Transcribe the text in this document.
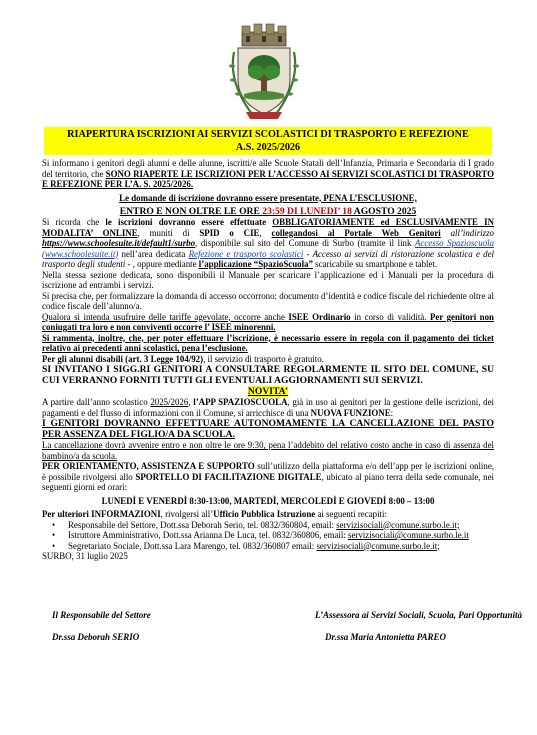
RIAPERTURA ISCRIZIONI AI SERVIZI SCOLASTICI DI TRASPORTO E REFEZIONE
A.S. 2025/2026

Si informano i genitori degli alunni e delle alunne, iscritti/e alle Scuole Statali dell’Infanzia, Primaria e Secondaria di I grado del territorio, che SONO RIAPERTE LE ISCRIZIONI PER L’ACCESSO AI SERVIZI SCOLASTICI DI TRASPORTO E REFEZIONE PER L’A. S. 2025/2026.

Le domande di iscrizione dovranno essere presentate, PENA L’ESCLUSIONE,

ENTRO E NON OLTRE LE ORE 23:59 DI LUNEDI’ 18 AGOSTO 2025

Si ricorda che le iscrizioni dovranno essere effettuate OBBLIGATORIAMENTE ed ESCLUSIVAMENTE IN MODALITA’ ONLINE, muniti di SPID o CIE, collegandosi al Portale Web Genitori all’indirizzo https://www.schoolesuite.it/default1/surbo, disponibile sul sito del Comune di Surbo (tramite il link Accesso Spazioscuola (www.schoolesuite.it) nell’area dedicata Refezione e trasporto scolastici - Accesso ai servizi di ristorazione scolastica e del trasporto degli studenti - , oppure mediante l’applicazione “SpazioScuola” scaricabile su smartphone e tablet.

Nella stessa sezione dedicata, sono disponibili il Manuale per scaricare l’applicazione ed i Manuali per la procedura di iscrizione ad entrambi i servizi.

Si precisa che, per formalizzare la domanda di accesso occorrono: documento d’identità e codice fiscale del richiedente oltre al codice fiscale dell’alunno/a.

Qualora si intenda usufruire delle tariffe agevolate, occorre anche ISEE Ordinario in corso di validità. Per genitori non coniugati tra loro e non conviventi occorre l’ ISEE minorenni.

Si rammenta, inoltre, che, per poter effettuare l’iscrizione, è necessario essere in regola con il pagamento dei ticket relativo ai precedenti anni scolastici, pena l’esclusione.

Per gli alunni disabili (art. 3 Legge 104/92), il servizio di trasporto è gratuito.

SI INVITANO I SIGG.RI GENITORI A CONSULTARE REGOLARMENTE IL SITO DEL COMUNE, SU CUI VERRANNO FORNITI TUTTI GLI EVENTUALI AGGIORNAMENTI SUI SERVIZI.

NOVITA’

A partire dall’anno scolastico 2025/2026, l’APP SPAZIOSCUOLA, già in uso ai genitori per la gestione delle iscrizioni, dei pagamenti e del flusso di informazioni con il Comune, si arricchisce di una NUOVA FUNZIONE:

I GENITORI DOVRANNO EFFETTUARE AUTONOMAMENTE LA CANCELLAZIONE DEL PASTO PER ASSENZA DEL FIGLIO/A DA SCUOLA.

La cancellazione dovrà avvenire entro e non oltre le ore 9:30, pena l’addebito del relativo costo anche in caso di assenza del bambino/a da scuola.

PER ORIENTAMENTO, ASSISTENZA E SUPPORTO sull’utilizzo della piattaforma e/o dell’app per le iscrizioni online, è possibile rivolgersi allo SPORTELLO DI FACILITAZIONE DIGITALE, ubicato al piano terra della sede comunale, nei seguenti giorni ed orari:

LUNEDÌ E VENERDÌ 8:30-13:00, MARTEDÌ, MERCOLEDÌ E GIOVEDÌ 8:00 – 13:00

Per ulteriori INFORMAZIONI, rivolgersi all’Ufficio Pubblica Istruzione ai seguenti recapiti:

• Responsabile del Settore, Dott.ssa Deborah Serio, tel. 0832/360804, email: servizisociali@comune.surbo.le.it;
• Istruttore Amministrativo, Dott.ssa Arianna De Luca, tel. 0832/360806, email: servizisociali@comune.surbo.le.it
• Segretariato Sociale, Dott.ssa Lara Marengo, tel. 0832/360807 email: servizisociali@comune.surbo.le.it;

SURBO, 31 luglio 2025

Il Responsabile del Settore
Dr.ssa Deborah SERIO
L’Assessora ai Servizi Sociali, Scuola, Pari Opportunità
Dr.ssa Maria Antonietta PAREO
